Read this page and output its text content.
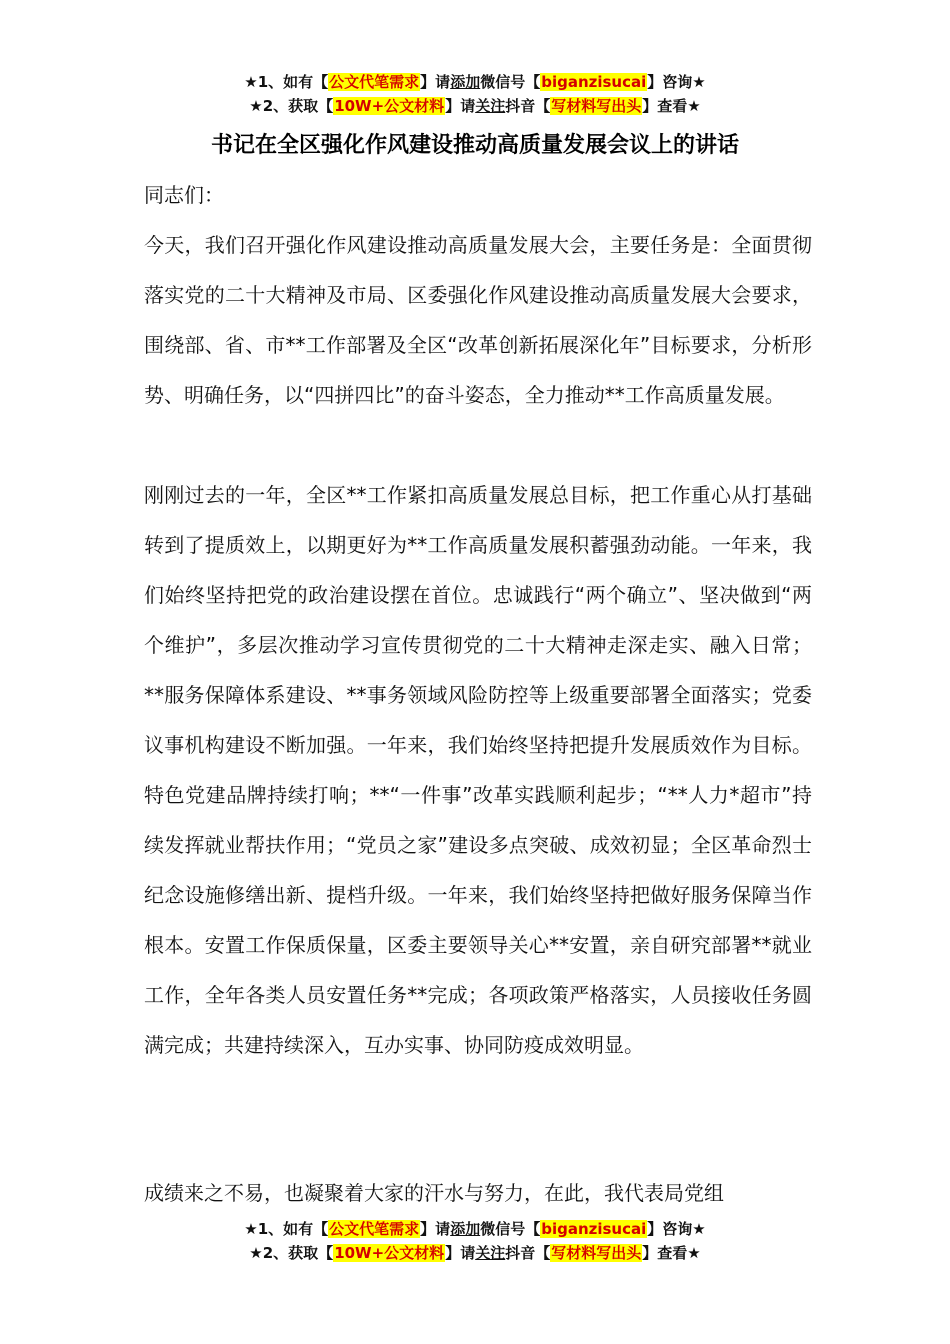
★1、如有【公文代笔需求】请添加微信号【biganzisucai】咨询★
★2、获取【10W+公文材料】请关注抖音【写材料写出头】查看★
书记在全区强化作风建设推动高质量发展会议上的讲话

同志们：

今天，我们召开强化作风建设推动高质量发展大会，主要任务是：全面贯彻落实党的二十大精神及市局、区委强化作风建设推动高质量发展大会要求，围绕部、省、市**工作部署及全区“改革创新拓展深化年”目标要求，分析形势、明确任务，以“四拼四比”的奋斗姿态，全力推动**工作高质量发展。

刚刚过去的一年，全区**工作紧扣高质量发展总目标，把工作重心从打基础转到了提质效上，以期更好为**工作高质量发展积蓄强劲动能。一年来，我们始终坚持把党的政治建设摆在首位。忠诚践行“两个确立”、坚决做到“两个维护”，多层次推动学习宣传贯彻党的二十大精神走深走实、融入日常；**服务保障体系建设、**事务领域风险防控等上级重要部署全面落实；党委议事机构建设不断加强。一年来，我们始终坚持把提升发展质效作为目标。特色党建品牌持续打响；**“一件事”改革实践顺利起步；“**人力*超市”持续发挥就业帮扶作用；“党员之家”建设多点突破、成效初显；全区革命烈士纪念设施修缮出新、提档升级。一年来，我们始终坚持把做好服务保障当作根本。安置工作保质保量，区委主要领导关心**安置，亲自研究部署**就业工作，全年各类人员安置任务**完成；各项政策严格落实，人员接收任务圆满完成；共建持续深入，互办实事、协同防疫成效明显。

成绩来之不易，也凝聚着大家的汗水与努力，在此，我代表局党组

★1、如有【公文代笔需求】请添加微信号【biganzisucai】咨询★
★2、获取【10W+公文材料】请关注抖音【写材料写出头】查看★
